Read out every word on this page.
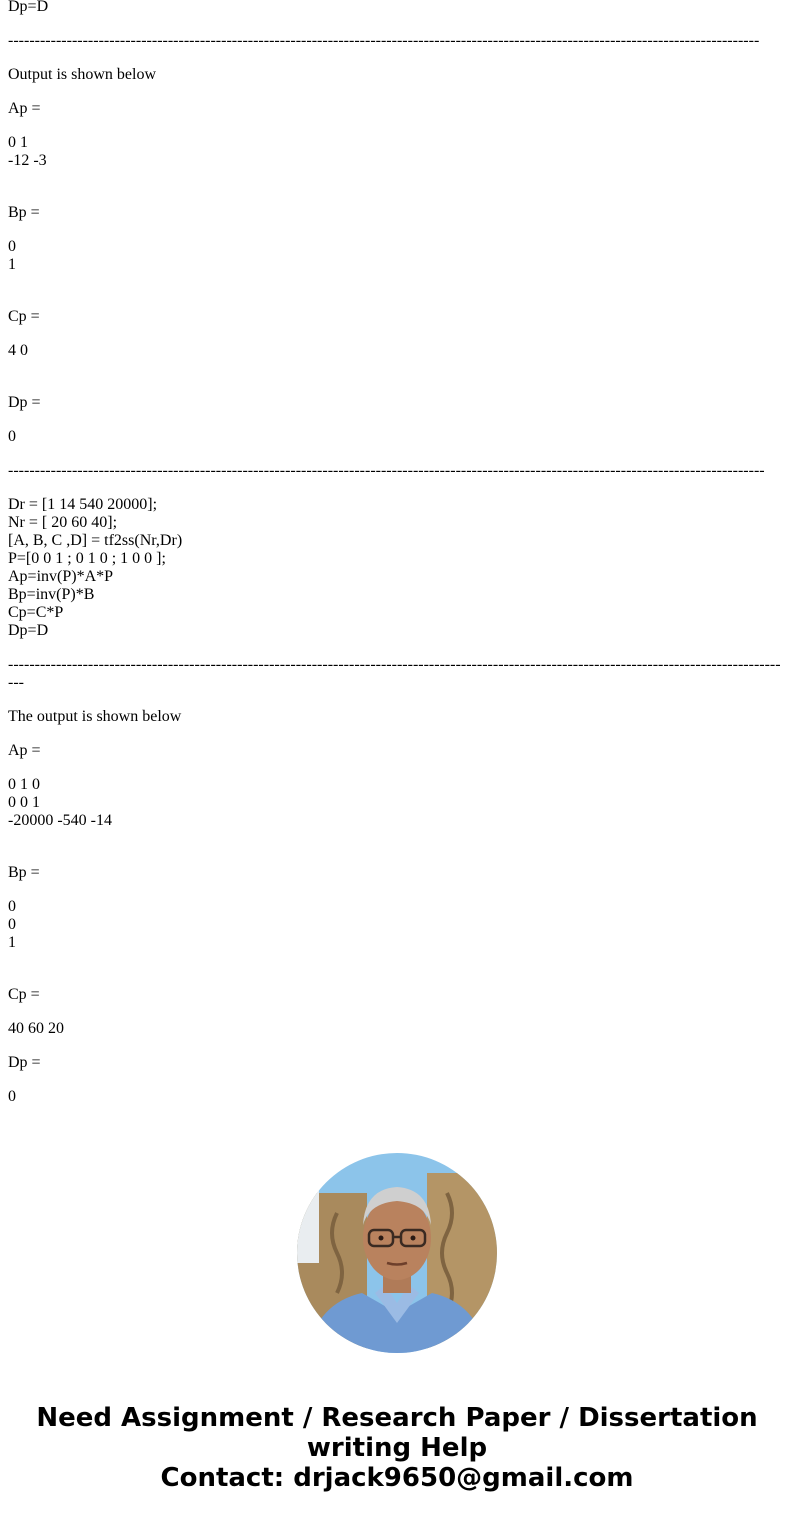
Dp=D
---------------------------------------------------------------------------------------------------------------------------------------------
Output is shown below
Ap =
0 1
-12 -3
Bp =
0
1
Cp =
4 0
Dp =
0
----------------------------------------------------------------------------------------------------------------------------------------------
Dr = [1 14 540 20000];
Nr = [ 20 60 40];
[A, B, C ,D] = tf2ss(Nr,Dr)
P=[0 0 1 ; 0 1 0 ; 1 0 0 ];
Ap=inv(P)*A*P
Bp=inv(P)*B
Cp=C*P
Dp=D
-------------------------------------------------------------------------------------------------------------------------------------------------
---
The output is shown below
Ap =
0 1 0
0 0 1
-20000 -540 -14
Bp =
0
0
1
Cp =
40 60 20
Dp =
0
Need Assignment / Research Paper / Dissertation
writing Help
Contact: drjack9650@gmail.com
